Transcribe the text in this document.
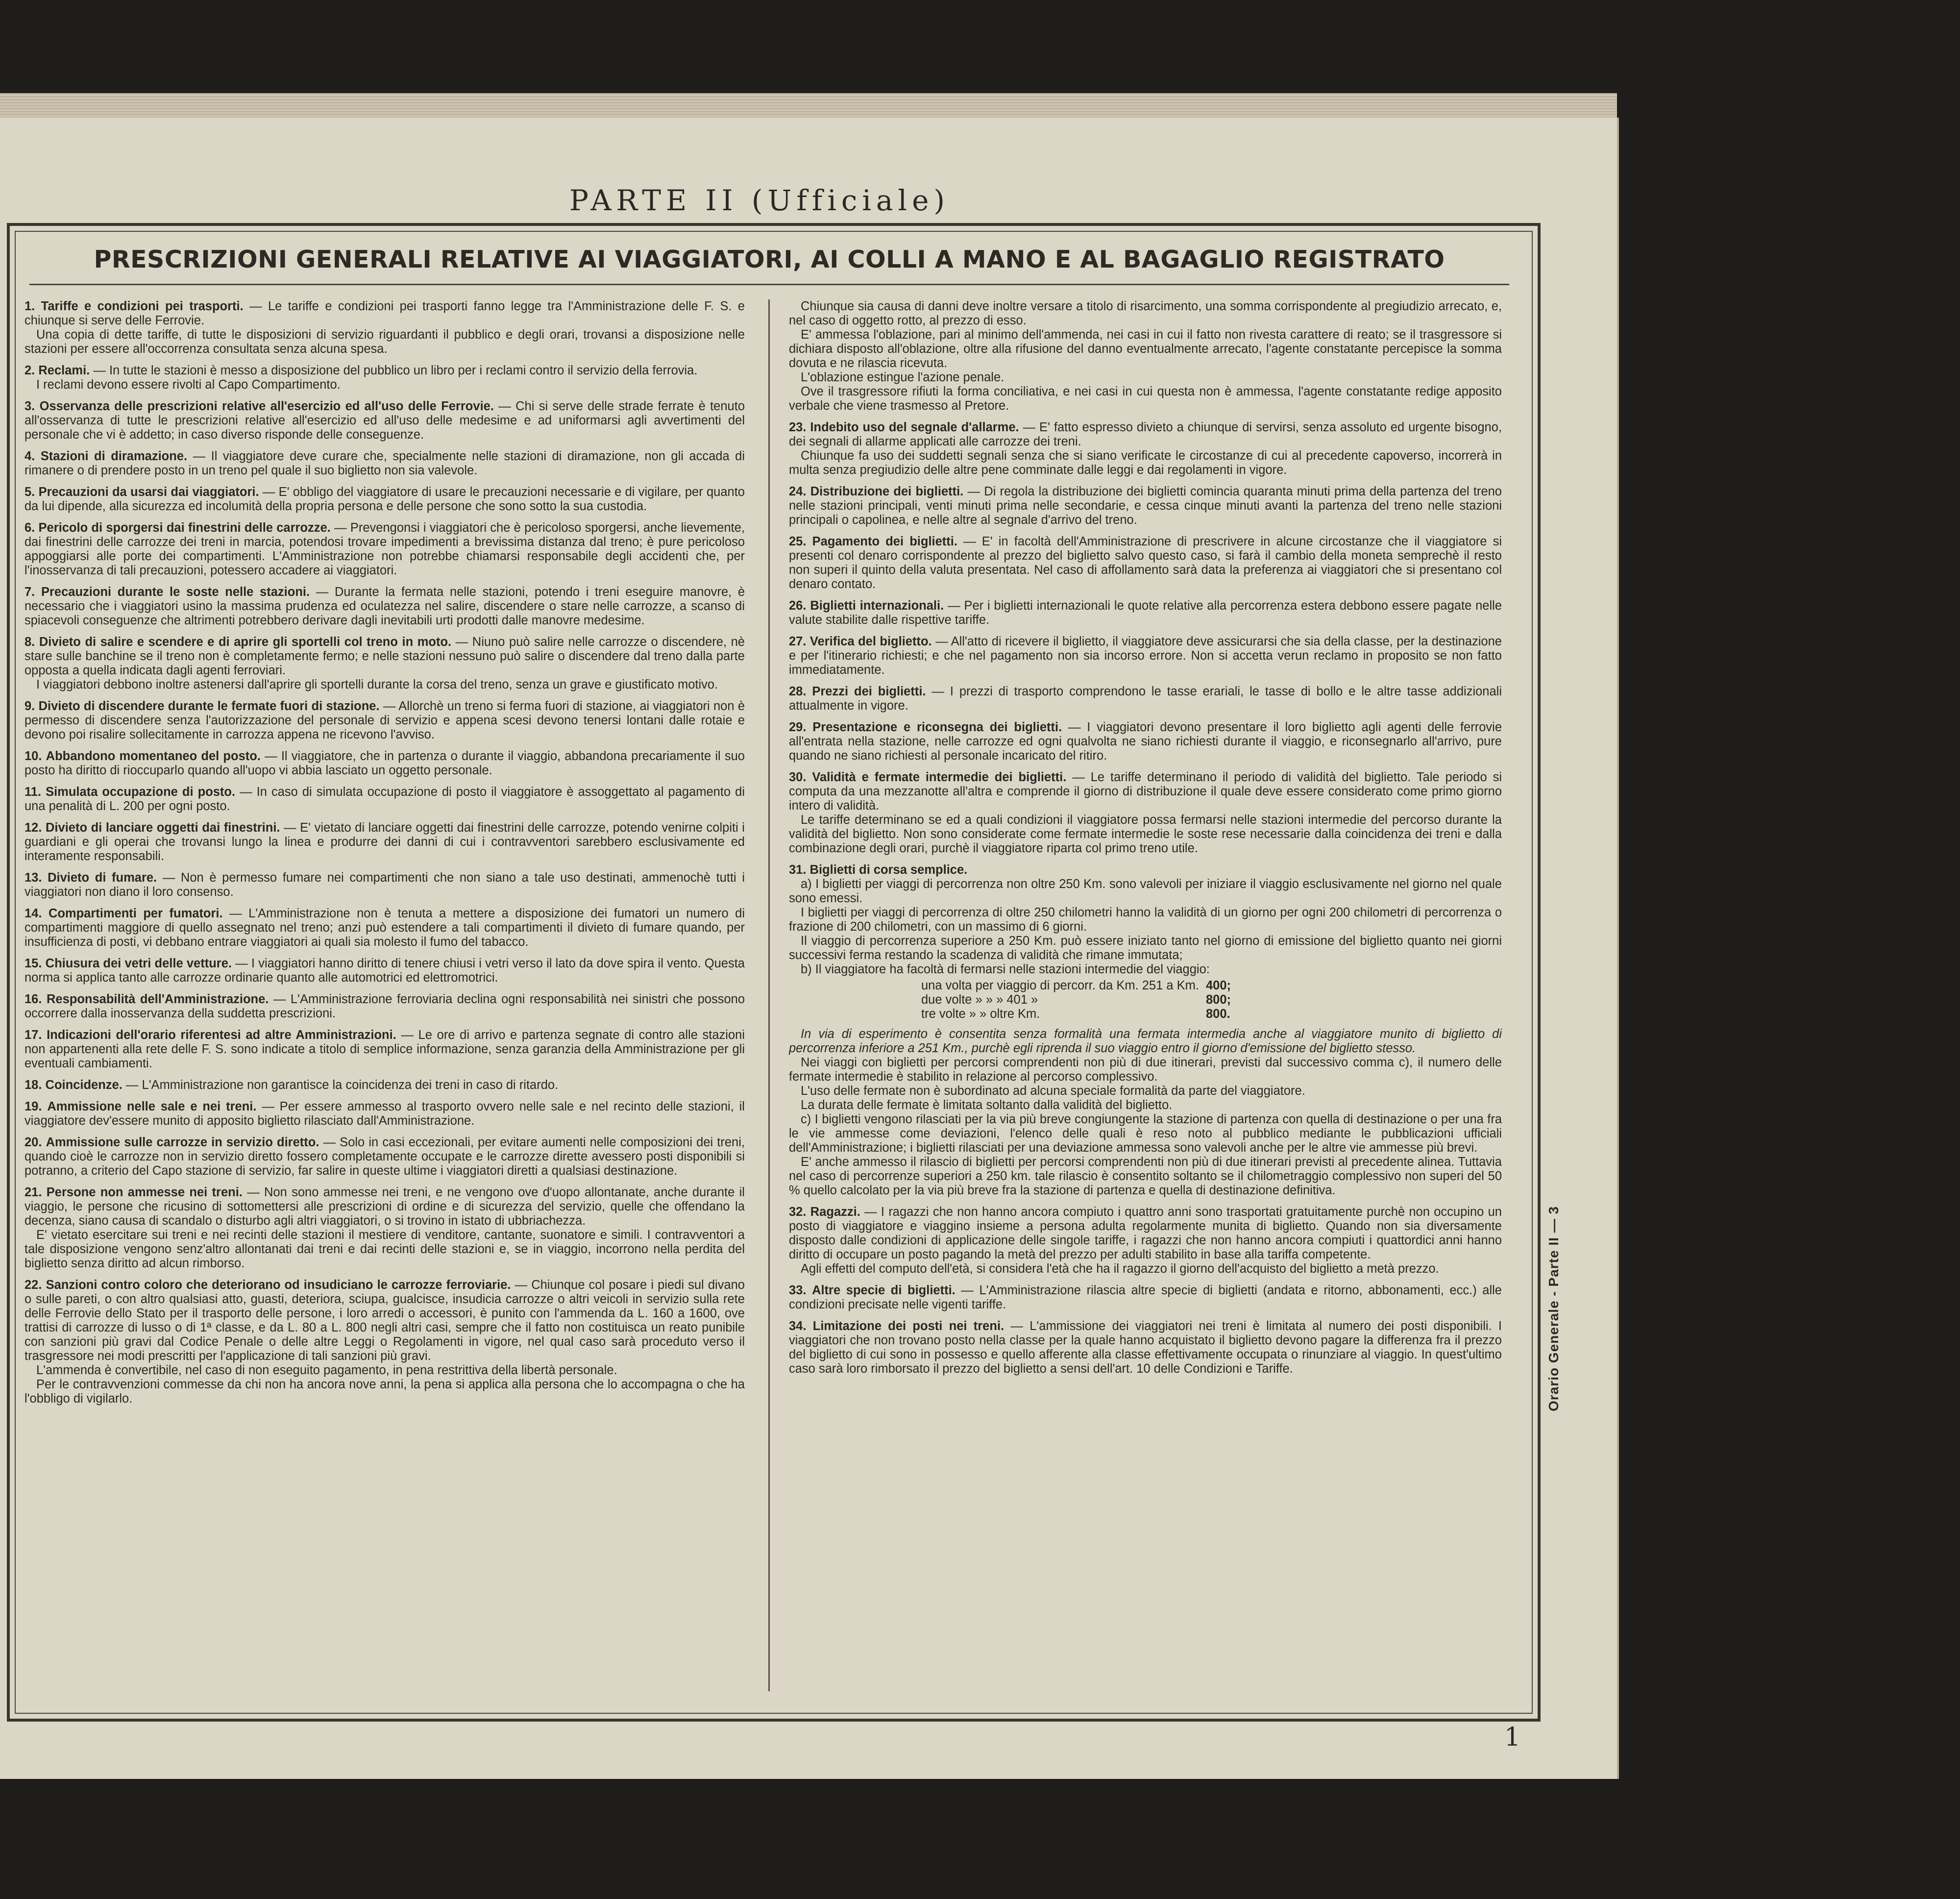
PARTE II (Ufficiale)
PRESCRIZIONI GENERALI RELATIVE AI VIAGGIATORI, AI COLLI A MANO E AL BAGAGLIO REGISTRATO

1. Tariffe e condizioni pei trasporti. — Le tariffe e condizioni pei trasporti fanno legge tra l'Amministrazione delle F. S. e chiunque si serve delle Ferrovie.

Una copia di dette tariffe, di tutte le disposizioni di servizio riguardanti il pubblico e degli orari, trovansi a disposizione nelle stazioni per essere all'occorrenza consultata senza alcuna spesa.

2. Reclami. — In tutte le stazioni è messo a disposizione del pubblico un libro per i reclami contro il servizio della ferrovia.

I reclami devono essere rivolti al Capo Compartimento.

3. Osservanza delle prescrizioni relative all'esercizio ed all'uso delle Ferrovie. — Chi si serve delle strade ferrate è tenuto all'osservanza di tutte le prescrizioni relative all'esercizio ed all'uso delle medesime e ad uniformarsi agli avvertimenti del personale che vi è addetto; in caso diverso risponde delle conseguenze.

4. Stazioni di diramazione. — Il viaggiatore deve curare che, specialmente nelle stazioni di diramazione, non gli accada di rimanere o di prendere posto in un treno pel quale il suo biglietto non sia valevole.

5. Precauzioni da usarsi dai viaggiatori. — E' obbligo del viaggiatore di usare le precauzioni necessarie e di vigilare, per quanto da lui dipende, alla sicurezza ed incolumità della propria persona e delle persone che sono sotto la sua custodia.

6. Pericolo di sporgersi dai finestrini delle carrozze. — Prevengonsi i viaggiatori che è pericoloso sporgersi, anche lievemente, dai finestrini delle carrozze dei treni in marcia, potendosi trovare impedimenti a brevissima distanza dal treno; è pure pericoloso appoggiarsi alle porte dei compartimenti. L'Amministrazione non potrebbe chiamarsi responsabile degli accidenti che, per l'inosservanza di tali precauzioni, potessero accadere ai viaggiatori.

7. Precauzioni durante le soste nelle stazioni. — Durante la fermata nelle stazioni, potendo i treni eseguire manovre, è necessario che i viaggiatori usino la massima prudenza ed oculatezza nel salire, discendere o stare nelle carrozze, a scanso di spiacevoli conseguenze che altrimenti potrebbero derivare dagli inevitabili urti prodotti dalle manovre medesime.

8. Divieto di salire e scendere e di aprire gli sportelli col treno in moto. — Niuno può salire nelle carrozze o discendere, nè stare sulle banchine se il treno non è completamente fermo; e nelle stazioni nessuno può salire o discendere dal treno dalla parte opposta a quella indicata dagli agenti ferroviari.

I viaggiatori debbono inoltre astenersi dall'aprire gli sportelli durante la corsa del treno, senza un grave e giustificato motivo.

9. Divieto di discendere durante le fermate fuori di stazione. — Allorchè un treno si ferma fuori di stazione, ai viaggiatori non è permesso di discendere senza l'autorizzazione del personale di servizio e appena scesi devono tenersi lontani dalle rotaie e devono poi risalire sollecitamente in carrozza appena ne ricevono l'avviso.

10. Abbandono momentaneo del posto. — Il viaggiatore, che in partenza o durante il viaggio, abbandona precariamente il suo posto ha diritto di rioccuparlo quando all'uopo vi abbia lasciato un oggetto personale.

11. Simulata occupazione di posto. — In caso di simulata occupazione di posto il viaggiatore è assoggettato al pagamento di una penalità di L. 200 per ogni posto.

12. Divieto di lanciare oggetti dai finestrini. — E' vietato di lanciare oggetti dai finestrini delle carrozze, potendo venirne colpiti i guardiani e gli operai che trovansi lungo la linea e produrre dei danni di cui i contravventori sarebbero esclusivamente ed interamente responsabili.

13. Divieto di fumare. — Non è permesso fumare nei compartimenti che non siano a tale uso destinati, ammenochè tutti i viaggiatori non diano il loro consenso.

14. Compartimenti per fumatori. — L'Amministrazione non è tenuta a mettere a disposizione dei fumatori un numero di compartimenti maggiore di quello assegnato nel treno; anzi può estendere a tali compartimenti il divieto di fumare quando, per insufficienza di posti, vi debbano entrare viaggiatori ai quali sia molesto il fumo del tabacco.

15. Chiusura dei vetri delle vetture. — I viaggiatori hanno diritto di tenere chiusi i vetri verso il lato da dove spira il vento. Questa norma si applica tanto alle carrozze ordinarie quanto alle automotrici ed elettromotrici.

16. Responsabilità dell'Amministrazione. — L'Amministrazione ferroviaria declina ogni responsabilità nei sinistri che possono occorrere dalla inosservanza della suddetta prescrizioni.

17. Indicazioni dell'orario riferentesi ad altre Amministrazioni. — Le ore di arrivo e partenza segnate di contro alle stazioni non appartenenti alla rete delle F. S. sono indicate a titolo di semplice informazione, senza garanzia della Amministrazione per gli eventuali cambiamenti.

18. Coincidenze. — L'Amministrazione non garantisce la coincidenza dei treni in caso di ritardo.

19. Ammissione nelle sale e nei treni. — Per essere ammesso al trasporto ovvero nelle sale e nel recinto delle stazioni, il viaggiatore dev'essere munito di apposito biglietto rilasciato dall'Amministrazione.

20. Ammissione sulle carrozze in servizio diretto. — Solo in casi eccezionali, per evitare aumenti nelle composizioni dei treni, quando cioè le carrozze non in servizio diretto fossero completamente occupate e le carrozze dirette avessero posti disponibili si potranno, a criterio del Capo stazione di servizio, far salire in queste ultime i viaggiatori diretti a qualsiasi destinazione.

21. Persone non ammesse nei treni. — Non sono ammesse nei treni, e ne vengono ove d'uopo allontanate, anche durante il viaggio, le persone che ricusino di sottomettersi alle prescrizioni di ordine e di sicurezza del servizio, quelle che offendano la decenza, siano causa di scandalo o disturbo agli altri viaggiatori, o si trovino in istato di ubbriachezza.

E' vietato esercitare sui treni e nei recinti delle stazioni il mestiere di venditore, cantante, suonatore e simili. I contravventori a tale disposizione vengono senz'altro allontanati dai treni e dai recinti delle stazioni e, se in viaggio, incorrono nella perdita del biglietto senza diritto ad alcun rimborso.

22. Sanzioni contro coloro che deteriorano od insudiciano le carrozze ferroviarie. — Chiunque col posare i piedi sul divano o sulle pareti, o con altro qualsiasi atto, guasti, deteriora, sciupa, gualcisce, insudicia carrozze o altri veicoli in servizio sulla rete delle Ferrovie dello Stato per il trasporto delle persone, i loro arredi o accessori, è punito con l'ammenda da L. 160 a 1600, ove trattisi di carrozze di lusso o di 1ª classe, e da L. 80 a L. 800 negli altri casi, sempre che il fatto non costituisca un reato punibile con sanzioni più gravi dal Codice Penale o delle altre Leggi o Regolamenti in vigore, nel qual caso sarà proceduto verso il trasgressore nei modi prescritti per l'applicazione di tali sanzioni più gravi.

L'ammenda è convertibile, nel caso di non eseguito pagamento, in pena restrittiva della libertà personale.

Per le contravvenzioni commesse da chi non ha ancora nove anni, la pena si applica alla persona che lo accompagna o che ha l'obbligo di vigilarlo.

Chiunque sia causa di danni deve inoltre versare a titolo di risarcimento, una somma corrispondente al pregiudizio arrecato, e, nel caso di oggetto rotto, al prezzo di esso.

E' ammessa l'oblazione, pari al minimo dell'ammenda, nei casi in cui il fatto non rivesta carattere di reato; se il trasgressore si dichiara disposto all'oblazione, oltre alla rifusione del danno eventualmente arrecato, l'agente constatante percepisce la somma dovuta e ne rilascia ricevuta.

L'oblazione estingue l'azione penale.

Ove il trasgressore rifiuti la forma conciliativa, e nei casi in cui questa non è ammessa, l'agente constatante redige apposito verbale che viene trasmesso al Pretore.

23. Indebito uso del segnale d'allarme. — E' fatto espresso divieto a chiunque di servirsi, senza assoluto ed urgente bisogno, dei segnali di allarme applicati alle carrozze dei treni.

Chiunque fa uso dei suddetti segnali senza che si siano verificate le circostanze di cui al precedente capoverso, incorrerà in multa senza pregiudizio delle altre pene comminate dalle leggi e dai regolamenti in vigore.

24. Distribuzione dei biglietti. — Di regola la distribuzione dei biglietti comincia quaranta minuti prima della partenza del treno nelle stazioni principali, venti minuti prima nelle secondarie, e cessa cinque minuti avanti la partenza del treno nelle stazioni principali o capolinea, e nelle altre al segnale d'arrivo del treno.

25. Pagamento dei biglietti. — E' in facoltà dell'Amministrazione di prescrivere in alcune circostanze che il viaggiatore si presenti col denaro corrispondente al prezzo del biglietto salvo questo caso, si farà il cambio della moneta semprechè il resto non superi il quinto della valuta presentata. Nel caso di affollamento sarà data la preferenza ai viaggiatori che si presentano col denaro contato.

26. Biglietti internazionali. — Per i biglietti internazionali le quote relative alla percorrenza estera debbono essere pagate nelle valute stabilite dalle rispettive tariffe.

27. Verifica del biglietto. — All'atto di ricevere il biglietto, il viaggiatore deve assicurarsi che sia della classe, per la destinazione e per l'itinerario richiesti; e che nel pagamento non sia incorso errore. Non si accetta verun reclamo in proposito se non fatto immediatamente.

28. Prezzi dei biglietti. — I prezzi di trasporto comprendono le tasse erariali, le tasse di bollo e le altre tasse addizionali attualmente in vigore.

29. Presentazione e riconsegna dei biglietti. — I viaggiatori devono presentare il loro biglietto agli agenti delle ferrovie all'entrata nella stazione, nelle carrozze ed ogni qualvolta ne siano richiesti durante il viaggio, e riconsegnarlo all'arrivo, pure quando ne siano richiesti al personale incaricato del ritiro.

30. Validità e fermate intermedie dei biglietti. — Le tariffe determinano il periodo di validità del biglietto. Tale periodo si computa da una mezzanotte all'altra e comprende il giorno di distribuzione il quale deve essere considerato come primo giorno intero di validità.

Le tariffe determinano se ed a quali condizioni il viaggiatore possa fermarsi nelle stazioni intermedie del percorso durante la validità del biglietto. Non sono considerate come fermate intermedie le soste rese necessarie dalla coincidenza dei treni e dalla combinazione degli orari, purchè il viaggiatore riparta col primo treno utile.

31. Biglietti di corsa semplice.

a) I biglietti per viaggi di percorrenza non oltre 250 Km. sono valevoli per iniziare il viaggio esclusivamente nel giorno nel quale sono emessi.

I biglietti per viaggi di percorrenza di oltre 250 chilometri hanno la validità di un giorno per ogni 200 chilometri di percorrenza o frazione di 200 chilometri, con un massimo di 6 giorni.

Il viaggio di percorrenza superiore a 250 Km. può essere iniziato tanto nel giorno di emissione del biglietto quanto nei giorni successivi ferma restando la scadenza di validità che rimane immutata;

b) Il viaggiatore ha facoltà di fermarsi nelle stazioni intermedie del viaggio:

una volta per viaggio di percorr. da Km. 251 a Km.	400;
due volte » » » 401 »	800;
tre volte » » oltre Km.	800.

In via di esperimento è consentita senza formalità una fermata intermedia anche al viaggiatore munito di biglietto di percorrenza inferiore a 251 Km., purchè egli riprenda il suo viaggio entro il giorno d'emissione del biglietto stesso.

Nei viaggi con biglietti per percorsi comprendenti non più di due itinerari, previsti dal successivo comma c), il numero delle fermate intermedie è stabilito in relazione al percorso complessivo.

L'uso delle fermate non è subordinato ad alcuna speciale formalità da parte del viaggiatore.

La durata delle fermate è limitata soltanto dalla validità del biglietto.

c) I biglietti vengono rilasciati per la via più breve congiungente la stazione di partenza con quella di destinazione o per una fra le vie ammesse come deviazioni, l'elenco delle quali è reso noto al pubblico mediante le pubblicazioni ufficiali dell'Amministrazione; i biglietti rilasciati per una deviazione ammessa sono valevoli anche per le altre vie ammesse più brevi.

E' anche ammesso il rilascio di biglietti per percorsi comprendenti non più di due itinerari previsti al precedente alinea. Tuttavia nel caso di percorrenze superiori a 250 km. tale rilascio è consentito soltanto se il chilometraggio complessivo non superi del 50 % quello calcolato per la via più breve fra la stazione di partenza e quella di destinazione definitiva.

32. Ragazzi. — I ragazzi che non hanno ancora compiuto i quattro anni sono trasportati gratuitamente purchè non occupino un posto di viaggiatore e viaggino insieme a persona adulta regolarmente munita di biglietto. Quando non sia diversamente disposto dalle condizioni di applicazione delle singole tariffe, i ragazzi che non hanno ancora compiuti i quattordici anni hanno diritto di occupare un posto pagando la metà del prezzo per adulti stabilito in base alla tariffa competente.

Agli effetti del computo dell'età, si considera l'età che ha il ragazzo il giorno dell'acquisto del biglietto a metà prezzo.

33. Altre specie di biglietti. — L'Amministrazione rilascia altre specie di biglietti (andata e ritorno, abbonamenti, ecc.) alle condizioni precisate nelle vigenti tariffe.

34. Limitazione dei posti nei treni. — L'ammissione dei viaggiatori nei treni è limitata al numero dei posti disponibili. I viaggiatori che non trovano posto nella classe per la quale hanno acquistato il biglietto devono pagare la differenza fra il prezzo del biglietto di cui sono in possesso e quello afferente alla classe effettivamente occupata o rinunziare al viaggio. In quest'ultimo caso sarà loro rimborsato il prezzo del biglietto a sensi dell'art. 10 delle Condizioni e Tariffe.	Orario Generale - Parte II — 3
1
